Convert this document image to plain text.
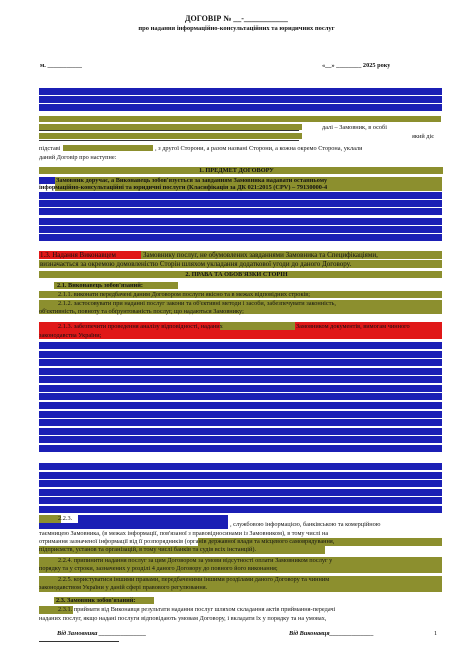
ДОГОВІР № __-___________
про надання інформаційно-консультаційних та юридичних послуг
м. ___________	«__» ________ 2025 року
далі – Замовник, в особі
який діє
підставі	, з другої Сторони, а разом названі Сторони, а кожна окремо Сторона, уклали
даний Договір про наступне:
1. ПРЕДМЕТ ДОГОВОРУ
Замовник доручає, а Виконавець зобов'язується за завданням Замовника надавати останньому
інформаційно-консультаційні та юридичні послуги (Класифікація за ДК 021:2015 (CPV) – 79130000-4
1.3. Надання Виконавцем	Замовнику послуг, не обумовлених завданнями Замовника та Специфікаціями,
визначається за окремою домовленістю Сторін шляхом укладання додаткової угоди до даного Договору.
2. ПРАВА ТА ОБОВ'ЯЗКИ СТОРІН
2.1. Виконавець зобов'язаний:
2.1.1. виконати передбачені даним Договором послуги якісно та в межах відповідних строків;
2.1.2. застосовувати при наданні послуг закони та об'єктивні методи і засоби, забезпечувати законність,
об'єктивність, повноту та обґрунтованість послуг, що надаються Замовнику;
2.1.3. забезпечити проведення аналізу відповідності, наданих	Замовником документів, вимогам чинного
законодавства України;
2.2.3.
, службовою інформацією, банківською та комерційною
таємницею Замовника, (в межах інформації, пов'язаної з правовідносинами із Замовником), в тому числі на
отримання зазначеної інформації від її розпорядників (органів державної влади та місцевого самоврядування,
підприємств, установ та організацій, в тому числі банків та судів всіх інстанцій).
2.2.4. припинити надання послуг за цим Договором за умови відсутності оплати Замовником послуг у
порядку та у строки, зазначених у розділі 4 даного Договору до повного його виконання;
2.2.5. користуватися іншими правами, передбаченими іншими розділами даного Договору та чинним
законодавством України у даній сфері правового регулювання.
2.3. Замовник зобов'язаний:
2.3.1. приймати від Виконавця результати надання послуг шляхом складання актів приймання-передачі
наданих послуг, якщо надані послуги відповідають умовам Договору, і вкладати їх у порядку та на умовах,
Від Замовника _______________	Від Виконавця______________	1
